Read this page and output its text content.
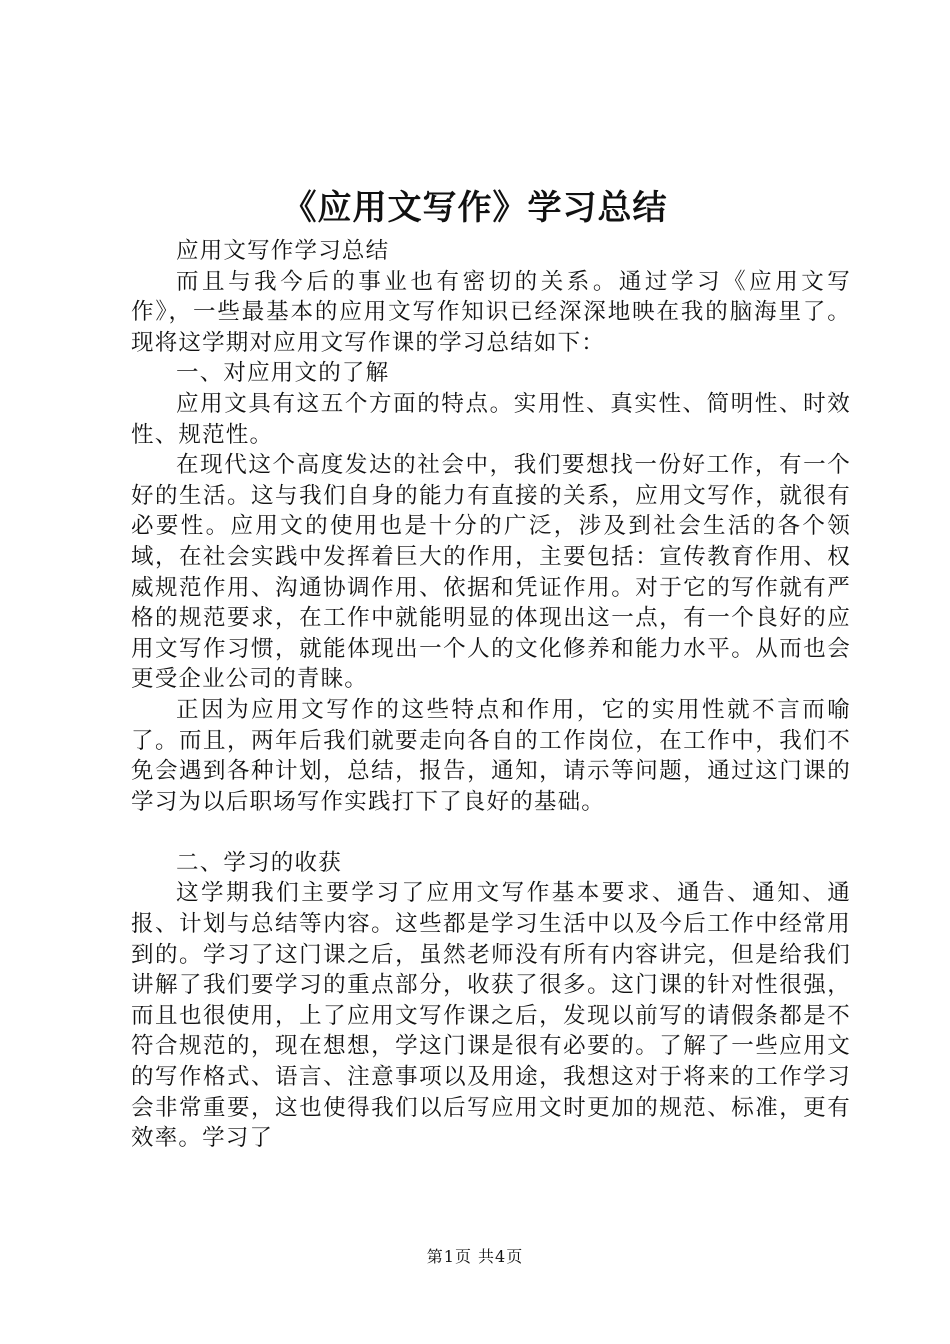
《应用文写作》学习总结

应用文写作学习总结

而且与我今后的事业也有密切的关系。通过学习《应用文写作》，一些最基本的应用文写作知识已经深深地映在我的脑海里了。现将这学期对应用文写作课的学习总结如下：

一、对应用文的了解

应用文具有这五个方面的特点。实用性、真实性、简明性、时效性、规范性。

在现代这个高度发达的社会中，我们要想找一份好工作，有一个好的生活。这与我们自身的能力有直接的关系，应用文写作，就很有必要性。应用文的使用也是十分的广泛，涉及到社会生活的各个领域，在社会实践中发挥着巨大的作用，主要包括：宣传教育作用、权威规范作用、沟通协调作用、依据和凭证作用。对于它的写作就有严格的规范要求，在工作中就能明显的体现出这一点，有一个良好的应用文写作习惯，就能体现出一个人的文化修养和能力水平。从而也会更受企业公司的青睐。

正因为应用文写作的这些特点和作用，它的实用性就不言而喻了。而且，两年后我们就要走向各自的工作岗位，在工作中，我们不免会遇到各种计划，总结，报告，通知，请示等问题，通过这门课的学习为以后职场写作实践打下了良好的基础。

二、学习的收获

这学期我们主要学习了应用文写作基本要求、通告、通知、通报、计划与总结等内容。这些都是学习生活中以及今后工作中经常用到的。学习了这门课之后，虽然老师没有所有内容讲完，但是给我们讲解了我们要学习的重点部分，收获了很多。这门课的针对性很强，而且也很使用，上了应用文写作课之后，发现以前写的请假条都是不符合规范的，现在想想，学这门课是很有必要的。了解了一些应用文的写作格式、语言、注意事项以及用途，我想这对于将来的工作学习会非常重要，这也使得我们以后写应用文时更加的规范、标准，更有效率。学习了

第1页 共4页
